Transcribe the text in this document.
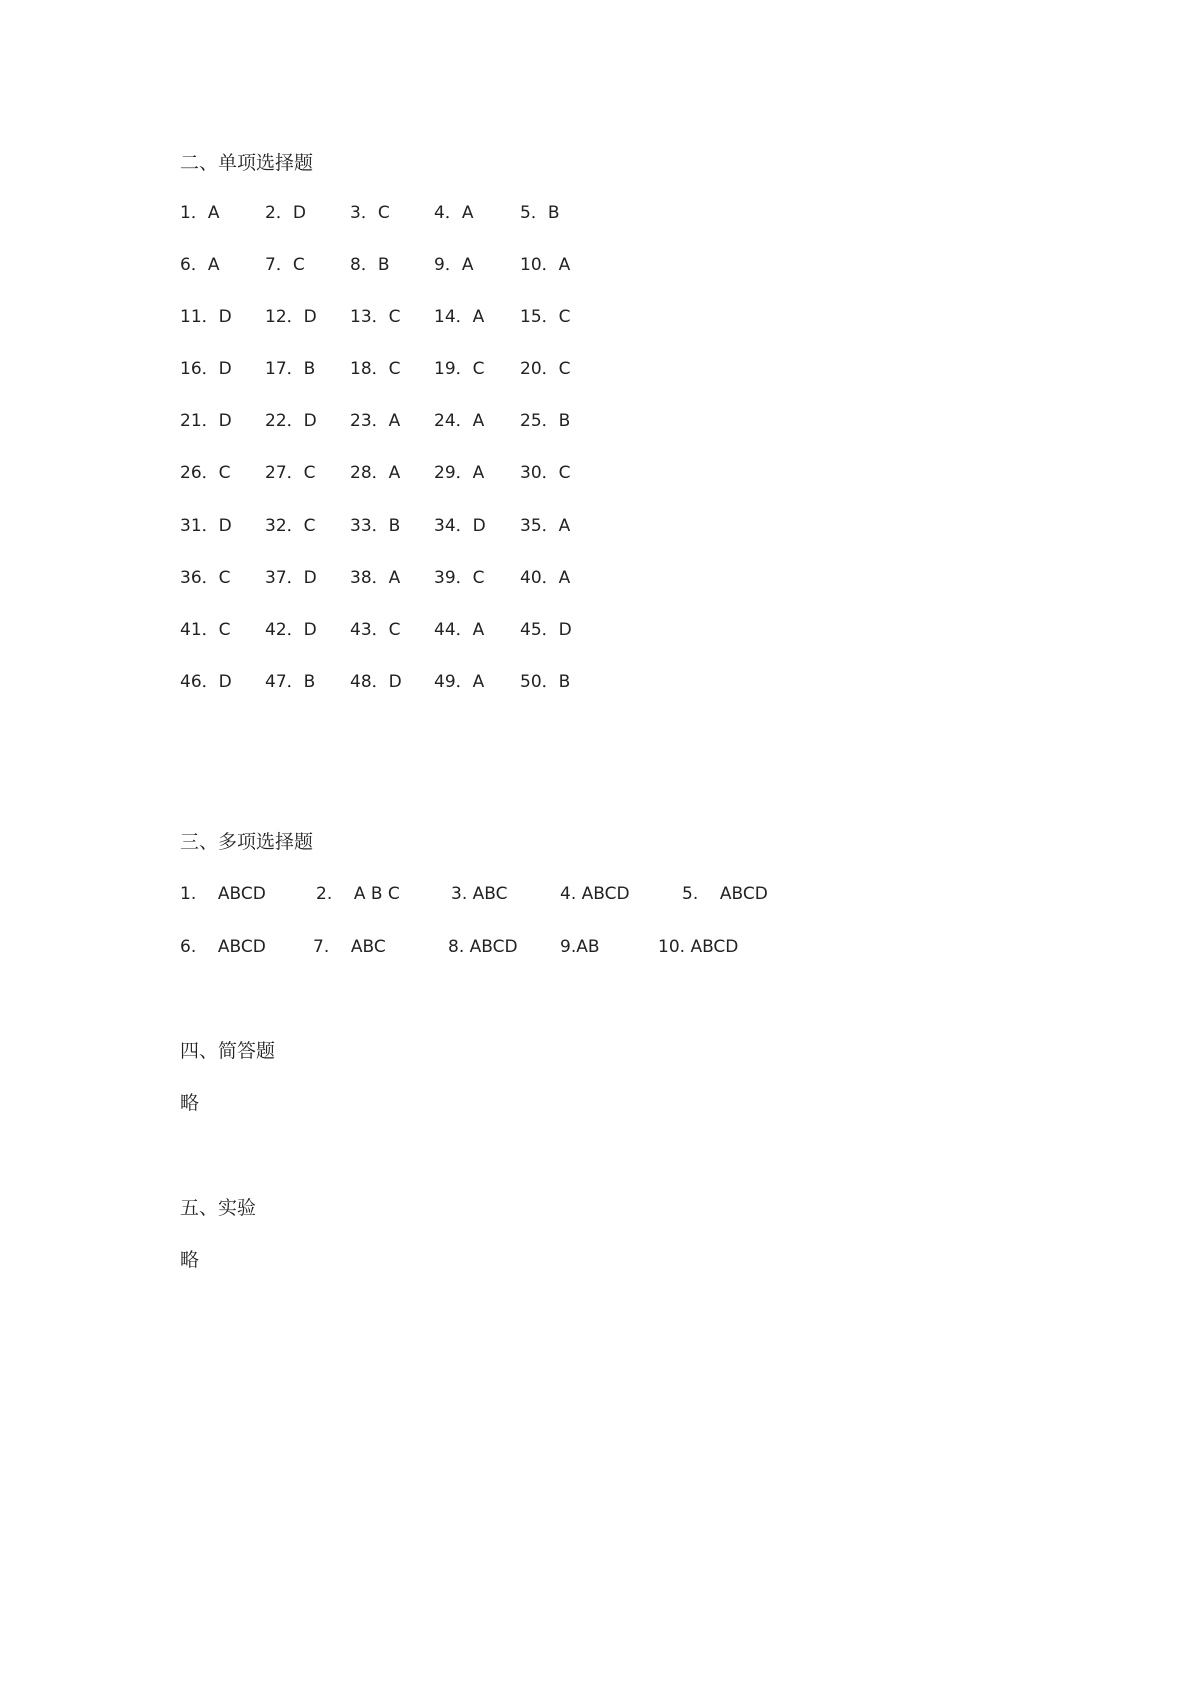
二、单项选择题
1．A	2．D	3．C	4．A	5．B
6．A	7．C	8．B	9．A	10．A
11．D 12．D 13．C 14．A 15．C
16．D 17．B 18．C 19．C 20．C
21．D 22．D 23．A 24．A 25．B
26．C 27．C 28．A 29．A 30．C
31．D 32．C 33．B 34．D 35．A
36．C 37．D 38．A 39．C 40．A
41．C 42．D 43．C 44．A 45．D
46．D 47．B 48．D 49．A 50．B
三、多项选择题
1.    ABCD	2.    A B C	3. ABC	4. ABCD	5.    ABCD
6.    ABCD	7.    ABC	8. ABCD 9.AB	10. ABCD
四、简答题
略
五、实验
略
